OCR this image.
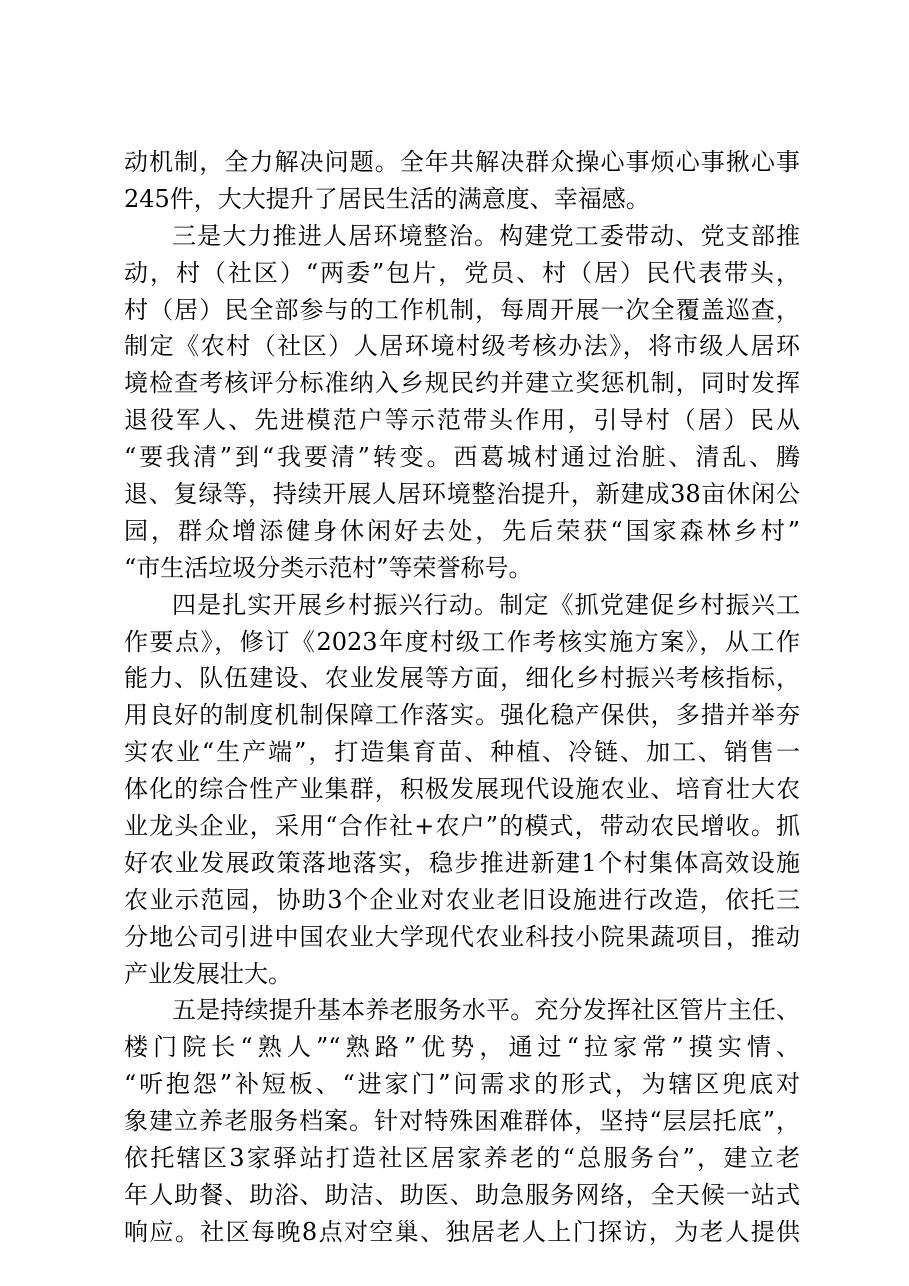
动机制，全力解决问题。全年共解决群众操心事烦心事揪心事
245件，大大提升了居民生活的满意度、幸福感。
三是大力推进人居环境整治。构建党工委带动、党支部推
动，村（社区）“两委”包片，党员、村（居）民代表带头，
村（居）民全部参与的工作机制，每周开展一次全覆盖巡查，
制定《农村（社区）人居环境村级考核办法》，将市级人居环
境检查考核评分标准纳入乡规民约并建立奖惩机制，同时发挥
退役军人、先进模范户等示范带头作用，引导村（居）民从
“要我清”到“我要清”转变。西葛城村通过治脏、清乱、腾
退、复绿等，持续开展人居环境整治提升，新建成38亩休闲公
园，群众增添健身休闲好去处，先后荣获“国家森林乡村”
“市生活垃圾分类示范村”等荣誉称号。
四是扎实开展乡村振兴行动。制定《抓党建促乡村振兴工
作要点》，修订《2023年度村级工作考核实施方案》，从工作
能力、队伍建设、农业发展等方面，细化乡村振兴考核指标，
用良好的制度机制保障工作落实。强化稳产保供，多措并举夯
实农业“生产端”，打造集育苗、种植、冷链、加工、销售一
体化的综合性产业集群，积极发展现代设施农业、培育壮大农
业龙头企业，采用“合作社+农户”的模式，带动农民增收。抓
好农业发展政策落地落实，稳步推进新建1个村集体高效设施
农业示范园，协助3个企业对农业老旧设施进行改造，依托三
分地公司引进中国农业大学现代农业科技小院果蔬项目，推动
产业发展壮大。
五是持续提升基本养老服务水平。充分发挥社区管片主任、
楼门院长“熟人”“熟路”优势，通过“拉家常”摸实情、
“听抱怨”补短板、“进家门”问需求的形式，为辖区兜底对
象建立养老服务档案。针对特殊困难群体，坚持“层层托底”，
依托辖区3家驿站打造社区居家养老的“总服务台”，建立老
年人助餐、助浴、助洁、助医、助急服务网络，全天候一站式
响应。社区每晚8点对空巢、独居老人上门探访，为老人提供
